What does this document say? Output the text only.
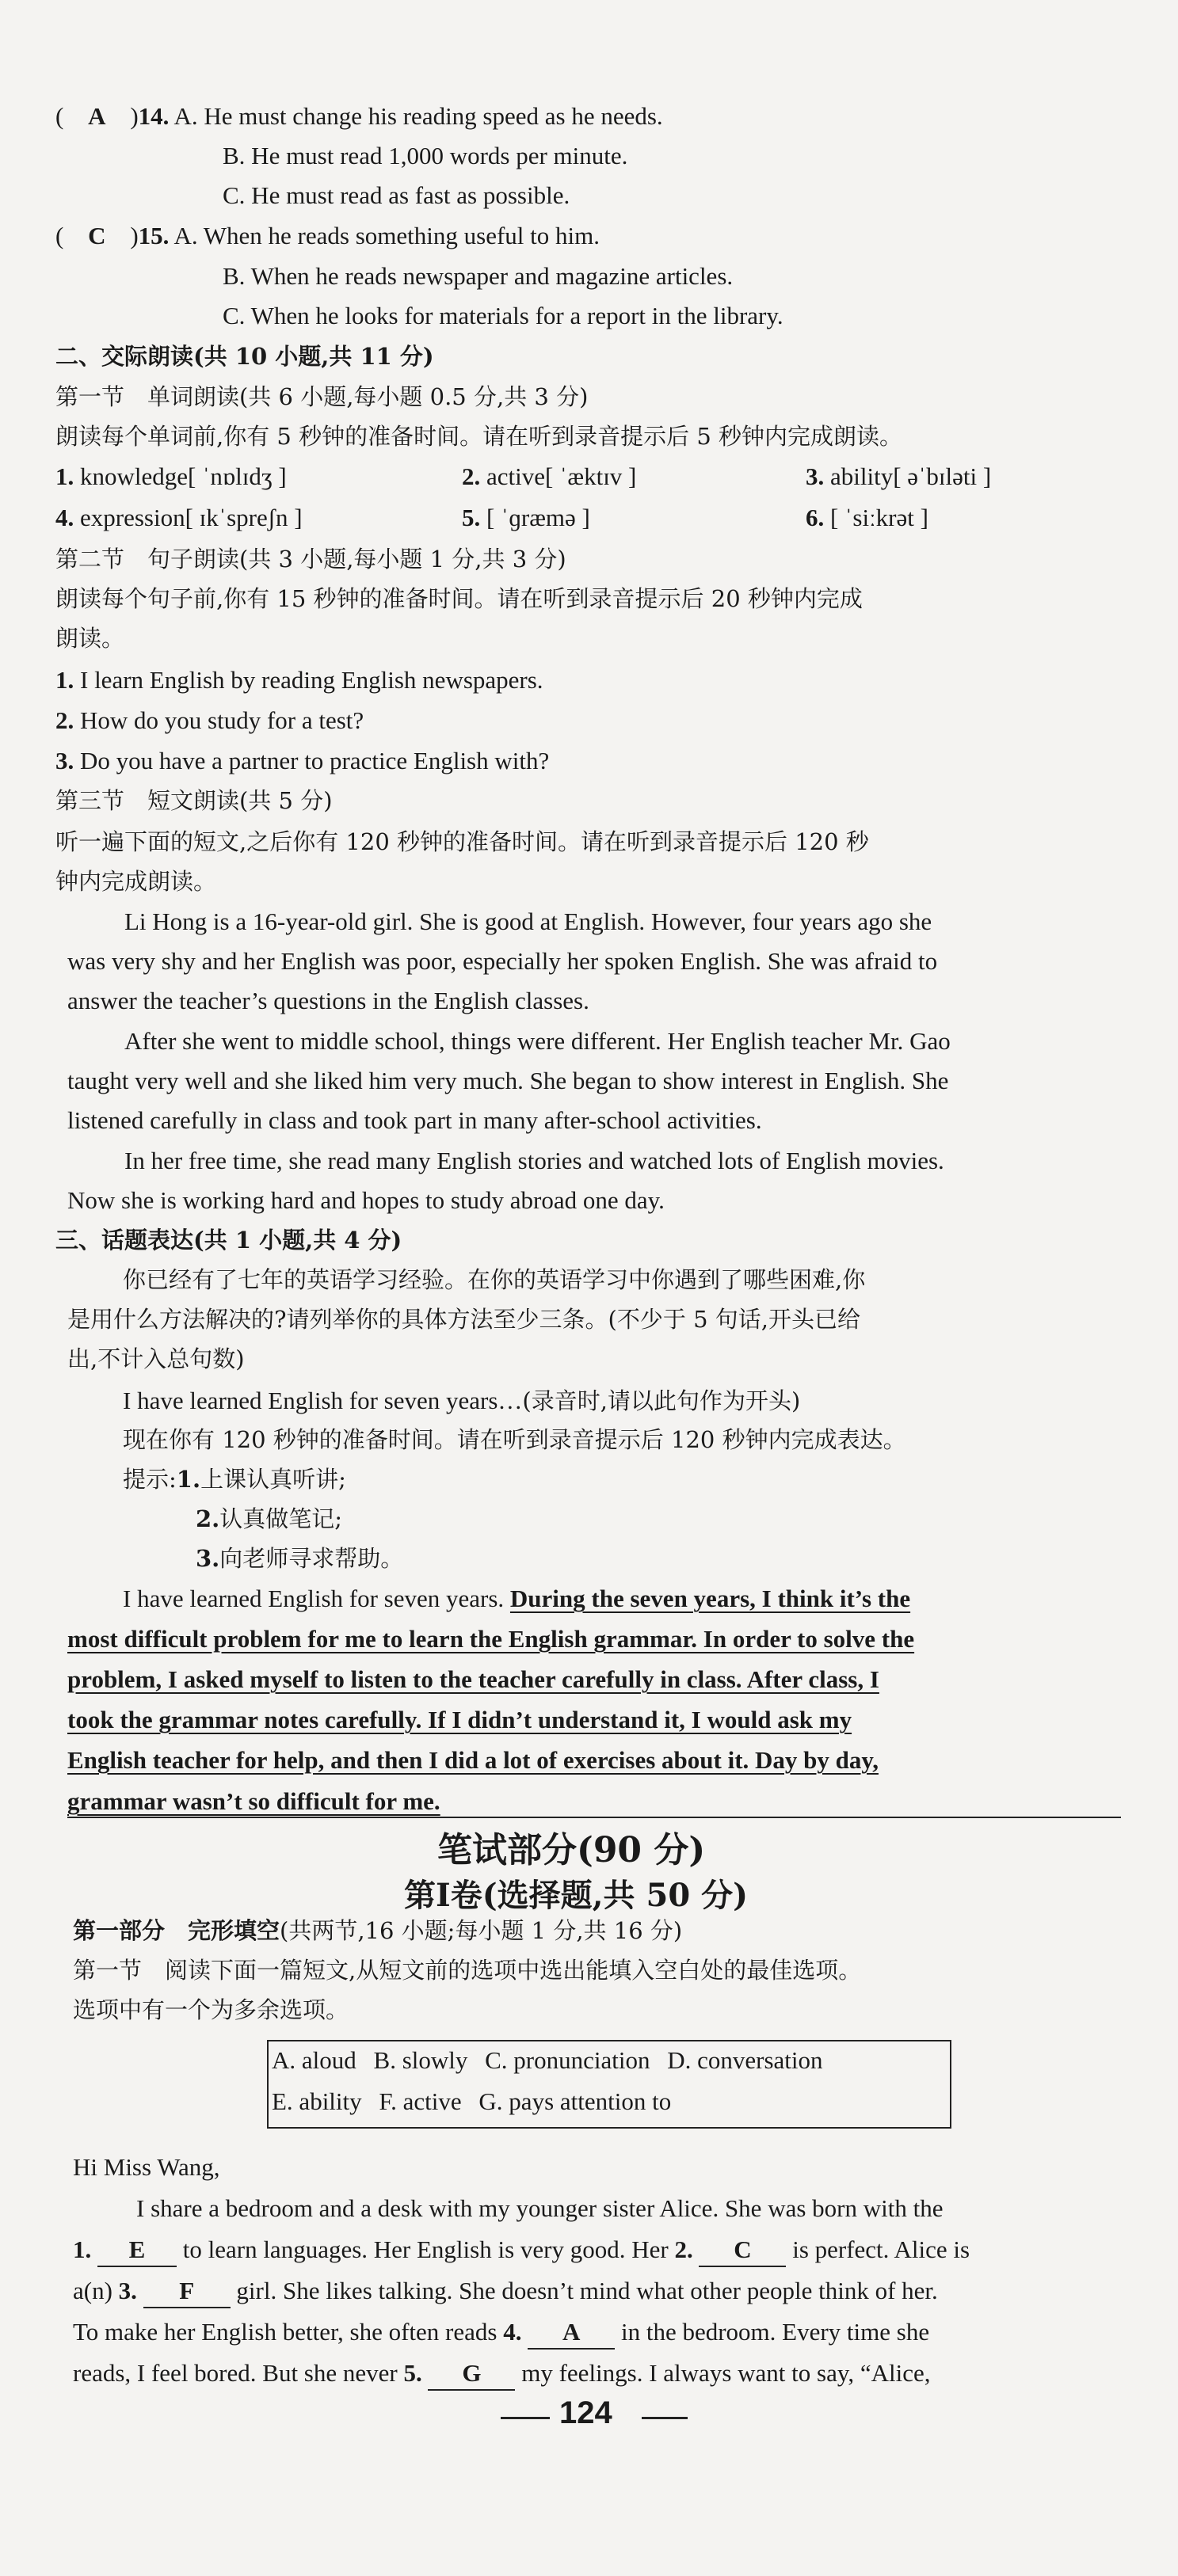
( A )14. A. He must change his reading speed as he needs.
B. He must read 1,000 words per minute.
C. He must read as fast as possible.
( C )15. A. When he reads something useful to him.
B. When he reads newspaper and magazine articles.
C. When he looks for materials for a report in the library.
二、交际朗读(共 10 小题,共 11 分)
第一节　单词朗读(共 6 小题,每小题 0.5 分,共 3 分)
朗读每个单词前,你有 5 秒钟的准备时间。请在听到录音提示后 5 秒钟内完成朗读。
1. knowledge[ ˈnɒlɪdʒ ]	2. active[ ˈæktɪv ]	3. ability[ əˈbɪləti ]
4. expression[ ɪkˈspreʃn ]	5. [ ˈɡræmə ]	6. [ ˈsiːkrət ]
第二节　句子朗读(共 3 小题,每小题 1 分,共 3 分)
朗读每个句子前,你有 15 秒钟的准备时间。请在听到录音提示后 20 秒钟内完成
朗读。
1. I learn English by reading English newspapers.
2. How do you study for a test?
3. Do you have a partner to practice English with?
第三节　短文朗读(共 5 分)
听一遍下面的短文,之后你有 120 秒钟的准备时间。请在听到录音提示后 120 秒
钟内完成朗读。
Li Hong is a 16-year-old girl. She is good at English. However, four years ago she
was very shy and her English was poor, especially her spoken English. She was afraid to
answer the teacher’s questions in the English classes.
After she went to middle school, things were different. Her English teacher Mr. Gao
taught very well and she liked him very much. She began to show interest in English. She
listened carefully in class and took part in many after-school activities.
In her free time, she read many English stories and watched lots of English movies.
Now she is working hard and hopes to study abroad one day.
三、话题表达(共 1 小题,共 4 分)
你已经有了七年的英语学习经验。在你的英语学习中你遇到了哪些困难,你
是用什么方法解决的?请列举你的具体方法至少三条。(不少于 5 句话,开头已给
出,不计入总句数)
I have learned English for seven years…(录音时,请以此句作为开头)
现在你有 120 秒钟的准备时间。请在听到录音提示后 120 秒钟内完成表达。
提示:1.上课认真听讲;
2.认真做笔记;
3.向老师寻求帮助。
I have learned English for seven years. During the seven years, I think it’s the
most difficult problem for me to learn the English grammar. In order to solve the
problem, I asked myself to listen to the teacher carefully in class. After class, I
took the grammar notes carefully. If I didn’t understand it, I would ask my
English teacher for help, and then I did a lot of exercises about it. Day by day,
grammar wasn’t so difficult for me.
笔试部分(90 分)
第Ⅰ卷(选择题,共 50 分)
第一部分　完形填空(共两节,16 小题;每小题 1 分,共 16 分)
第一节　阅读下面一篇短文,从短文前的选项中选出能填入空白处的最佳选项。
选项中有一个为多余选项。
A. aloud B. slowly C. pronunciation D. conversation
E. ability F. active G. pays attention to
Hi Miss Wang,
I share a bedroom and a desk with my younger sister Alice. She was born with the
1. E to learn languages. Her English is very good. Her 2. C is perfect. Alice is
a(n) 3. F girl. She likes talking. She doesn’t mind what other people think of her.
To make her English better, she often reads 4. A in the bedroom. Every time she
reads, I feel bored. But she never 5. G my feelings. I always want to say, “Alice,
124
